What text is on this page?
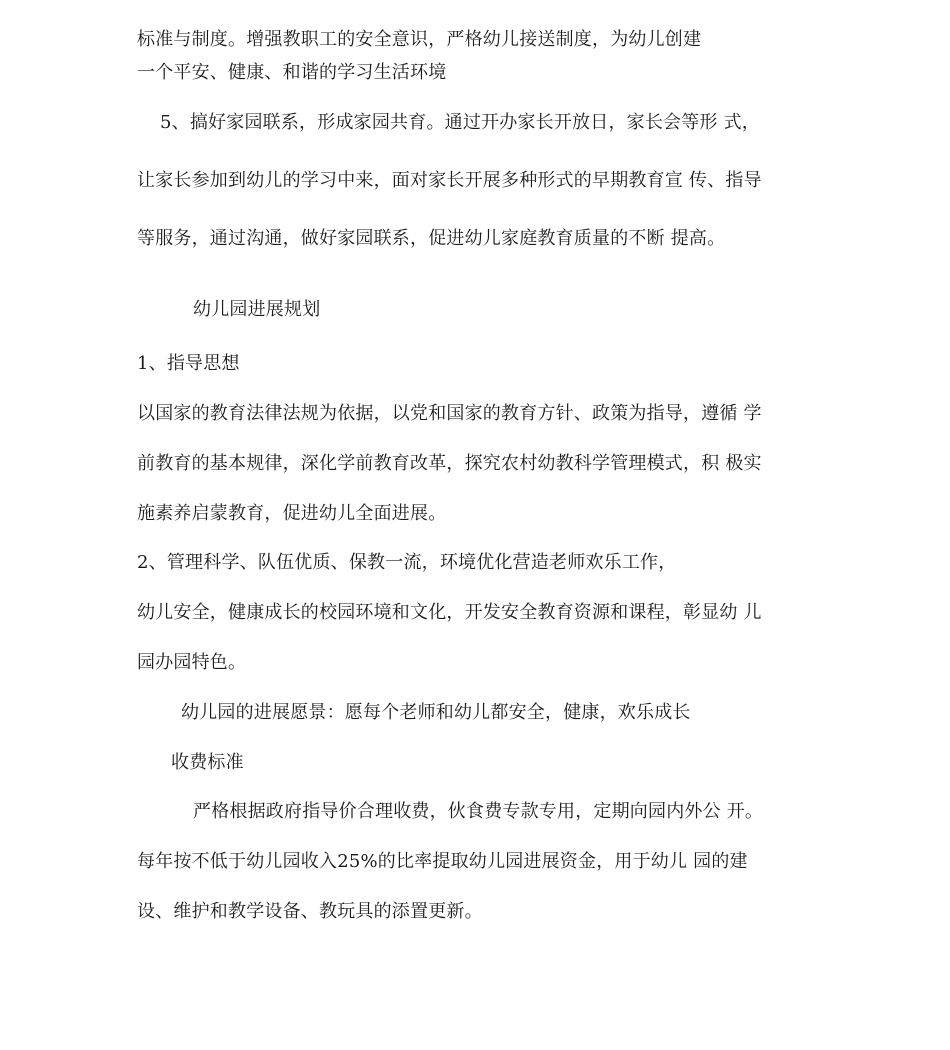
标准与制度。增强教职工的安全意识，严格幼儿接送制度，为幼儿创建
一个平安、健康、和谐的学习生活环境
5、搞好家园联系，形成家园共育。通过开办家长开放日，家长会等形 式，
让家长参加到幼儿的学习中来，面对家长开展多种形式的早期教育宣 传、指导
等服务，通过沟通，做好家园联系，促进幼儿家庭教育质量的不断 提高。
幼儿园进展规划
1、指导思想
以国家的教育法律法规为依据，以党和国家的教育方针、政策为指导，遵循 学
前教育的基本规律，深化学前教育改革，探究农村幼教科学管理模式，积 极实
施素养启蒙教育，促进幼儿全面进展。
2、管理科学、队伍优质、保教一流，环境优化营造老师欢乐工作，
幼儿安全，健康成长的校园环境和文化，开发安全教育资源和课程，彰显幼 儿
园办园特色。
幼儿园的进展愿景：愿每个老师和幼儿都安全，健康，欢乐成长
收费标准
严格根据政府指导价合理收费，伙食费专款专用，定期向园内外公 开。
每年按不低于幼儿园收入25%的比率提取幼儿园进展资金，用于幼儿 园的建
设、维护和教学设备、教玩具的添置更新。
